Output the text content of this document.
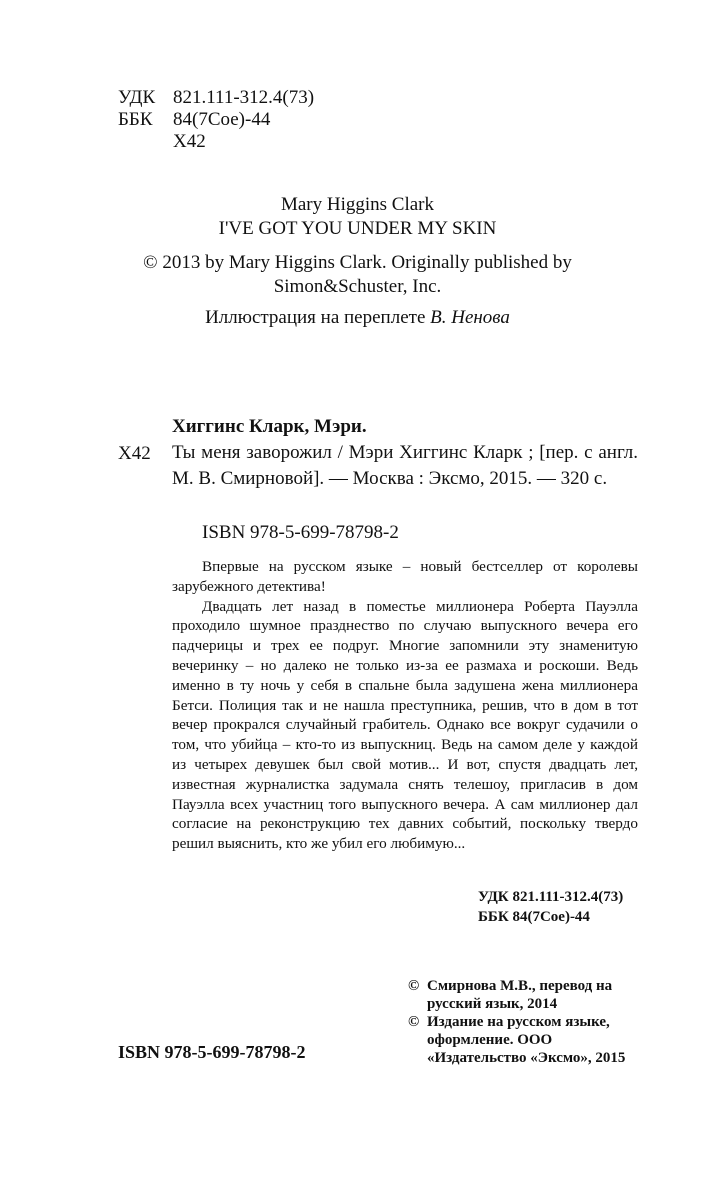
УДК 821.111-312.4(73)
ББК	84(7Сое)-44
Х42
Mary Higgins Clark
I'VE GOT YOU UNDER MY SKIN
© 2013 by Mary Higgins Clark. Originally published by
Simon&Schuster, Inc.
Иллюстрация на переплете В. Ненова
Хиггинс Кларк, Мэри.
Х42 Ты меня заворожил / Мэри Хиггинс Кларк ; [пер. с англ. М. В. Смирновой]. — Москва : Эксмо, 2015. — 320 с.
ISBN 978-5-699-78798-2

Впервые на русском языке – новый бестселлер от королевы зарубежного детектива!

Двадцать лет назад в поместье миллионера Роберта Пауэлла проходило шумное празднество по случаю выпускного вечера его падчерицы и трех ее подруг. Многие запомнили эту знаменитую вечеринку – но далеко не только из-за ее размаха и роскоши. Ведь именно в ту ночь у себя в спальне была задушена жена миллионера Бетси. Полиция так и не нашла преступника, решив, что в дом в тот вечер прокрался случайный грабитель. Однако все вокруг судачили о том, что убийца – кто-то из выпускниц. Ведь на самом деле у каждой из четырех девушек был свой мотив... И вот, спустя двадцать лет, известная журналистка задумала снять телешоу, пригласив в дом Пауэлла всех участниц того выпускного вечера. А сам миллионер дал согласие на реконструкцию тех давних событий, поскольку твердо решил выяснить, кто же убил его любимую...

УДК 821.111-312.4(73)
ББК 84(7Сое)-44
© Смирнова М.В., перевод на русский язык, 2014
© Издание на русском языке, оформление. ООО «Издательство «Эксмо», 2015
ISBN 978-5-699-78798-2
